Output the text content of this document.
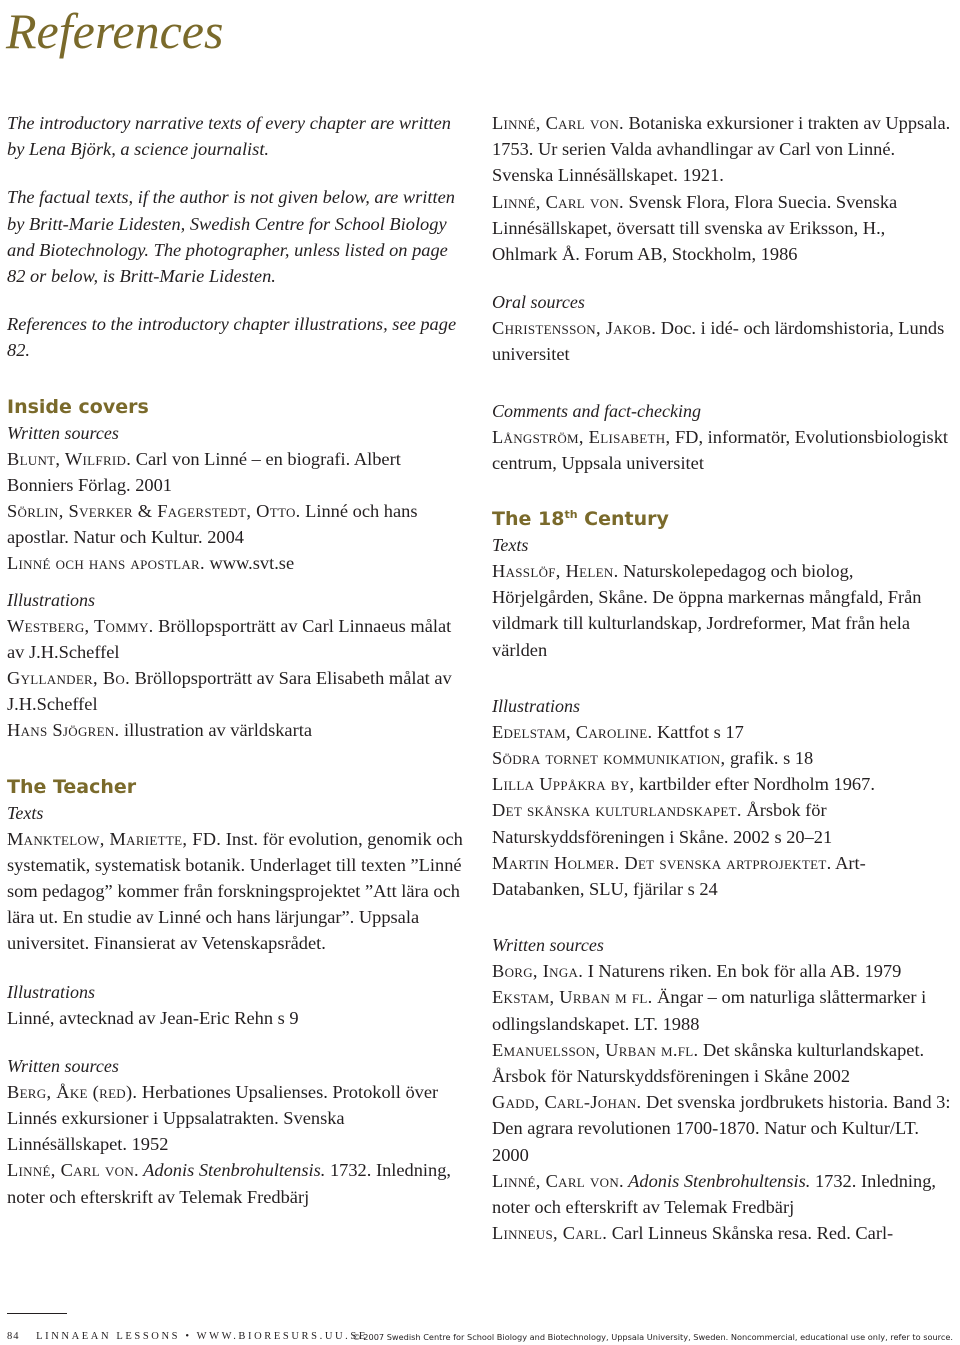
References

The introductory narrative texts of every chapter are written by Lena Björk, a science journalist.

The factual texts, if the author is not given below, are written by Britt-Marie Lidesten, Swedish Centre for School Biology and Biotechnology. The photographer, unless listed on page 82 or below, is Britt-Marie Lidesten.

References to the introductory chapter illustrations, see page 82.

Inside covers

Written sources

Blunt, Wilfrid. Carl von Linné – en biografi. Albert Bonniers Förlag. 2001

Sörlin, Sverker & Fagerstedt, Otto. Linné och hans apostlar. Natur och Kultur. 2004

Linné och hans apostlar. www.svt.se

Illustrations

Westberg, Tommy. Bröllopsporträtt av Carl Linnaeus målat av J.H.Scheffel

Gyllander, Bo. Bröllopsporträtt av Sara Elisabeth målat av J.H.Scheffel

Hans Sjögren. illustration av världskarta

The Teacher

Texts

Manktelow, Mariette, FD. Inst. för evolution, genomik och systematik, systematisk botanik. Underlaget till texten ”Linné som pedagog” kommer från forskningsprojektet ”Att lära och lära ut. En studie av Linné och hans lärjungar”. Uppsala universitet. Finansierat av Vetenskapsrådet.

Illustrations

Linné, avtecknad av Jean-Eric Rehn s 9

Written sources

Berg, Åke (red). Herbationes Upsalienses. Protokoll över Linnés exkursioner i Uppsalatrakten. Svenska Linnésällskapet. 1952

Linné, Carl von. Adonis Stenbrohultensis. 1732. Inledning, noter och efterskrift av Telemak Fredbärj

Linné, Carl von. Botaniska exkursioner i trakten av Uppsala. 1753. Ur serien Valda avhandlingar av Carl von Linné. Svenska Linnésällskapet. 1921.

Linné, Carl von. Svensk Flora, Flora Suecia. Svenska Linnésällskapet, översatt till svenska av Eriksson, H., Ohlmark Å. Forum AB, Stockholm, 1986

Oral sources

Christensson, Jakob. Doc. i idé- och lärdomshistoria, Lunds universitet

Comments and fact-checking

Långström, Elisabeth, FD, informatör, Evolutionsbiologiskt centrum, Uppsala universitet

The 18th Century

Texts

Hasslöf, Helen. Naturskolepedagog och biolog, Hörjelgården, Skåne. De öppna markernas mångfald, Från vildmark till kulturlandskap, Jordreformer, Mat från hela världen

Illustrations

Edelstam, Caroline. Kattfot s 17

Södra tornet kommunikation, grafik. s 18

Lilla Uppåkra by, kartbilder efter Nordholm 1967.

Det skånska kulturlandskapet. Årsbok för Naturskyddsföreningen i Skåne. 2002 s 20–21

Martin Holmer. Det svenska artprojektet. Art-Databanken, SLU, fjärilar s 24

Written sources

Borg, Inga. I Naturens riken. En bok för alla AB. 1979

Ekstam, Urban m fl. Ängar – om naturliga slåttermarker i odlingslandskapet. LT. 1988

Emanuelsson, Urban m.fl. Det skånska kulturlandskapet. Årsbok för Naturskyddsföreningen i Skåne 2002

Gadd, Carl-Johan. Det svenska jordbrukets historia. Band 3: Den agrara revolutionen 1700-1870. Natur och Kultur/LT. 2000

Linné, Carl von. Adonis Stenbrohultensis. 1732. Inledning, noter och efterskrift av Telemak Fredbärj

Linneus, Carl. Carl Linneus Skånska resa. Red. Carl-

84 LINNAEAN LESSONS • WWW.BIORESURS.UU.SE
© 2007 Swedish Centre for School Biology and Biotechnology, Uppsala University, Sweden. Noncommercial, educational use only, refer to source.
